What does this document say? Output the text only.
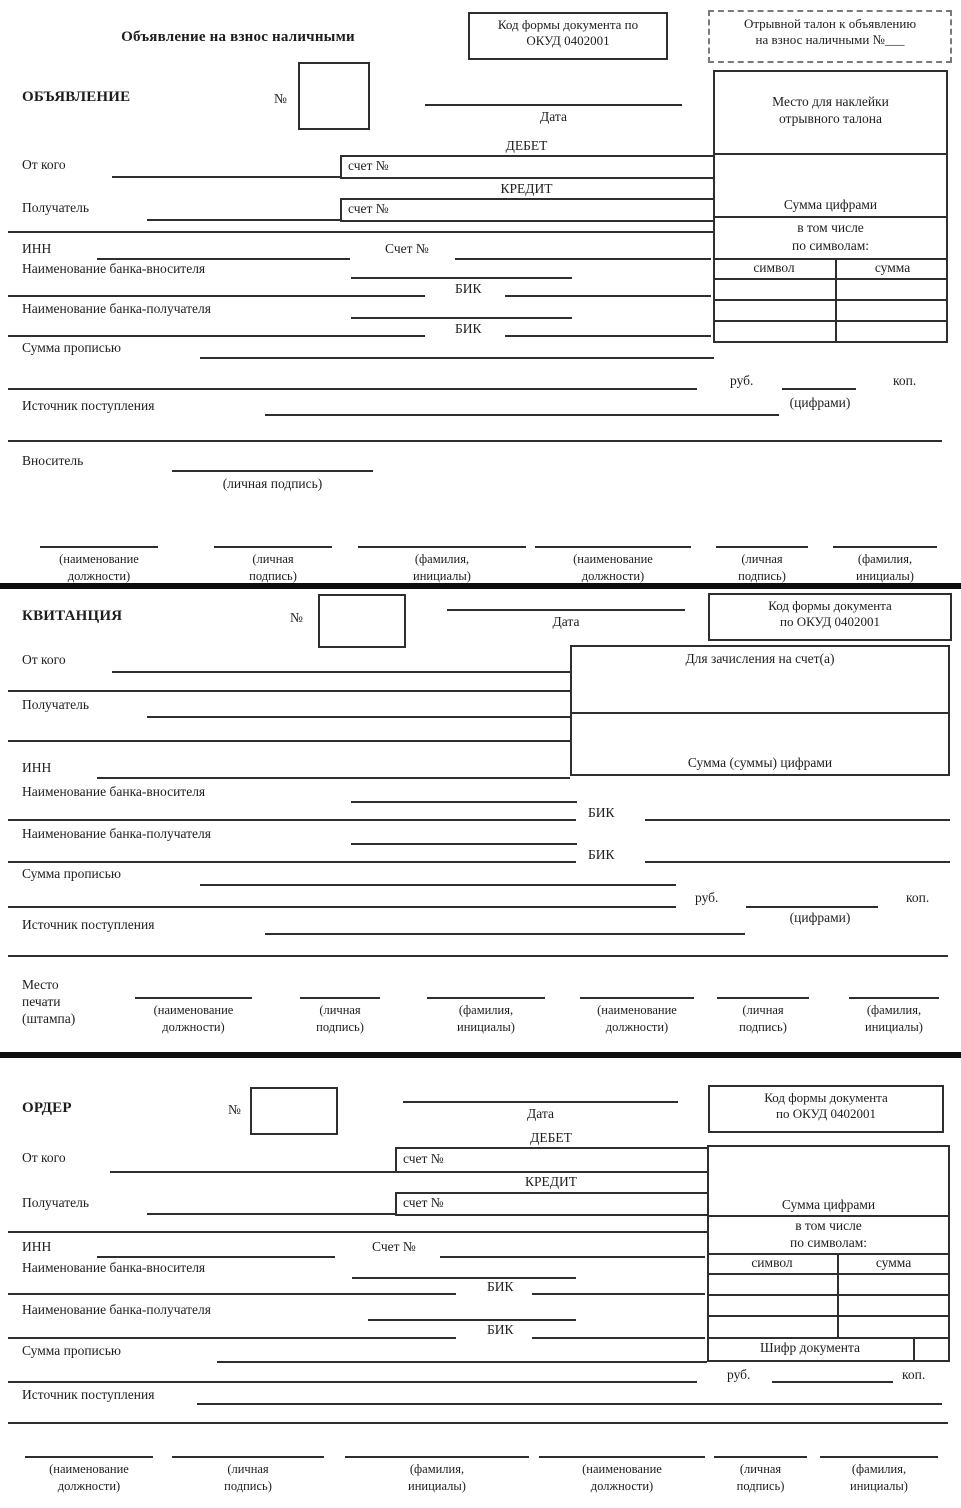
Объявление на взнос наличными
Код формы документа по
ОКУД 0402001
Отрывной талон к объявлению
на взнос наличными №___
ОБЪЯВЛЕНИЕ	№
Дата
Место для наклейки
отрывного талона
ДЕБЕТ
счет №
От кого
КРЕДИТ
счет №
Получатель	Сумма цифрами
в том числе
по символам:
символ	сумма
ИНН	Счет №
Наименование банка-вносителя
БИК
Наименование банка-получателя
БИК
Сумма прописью
руб.	коп.
(цифрами)
Источник поступления
Вноситель
(личная подпись)
(наименование
должности)
(личная
подпись)
(фамилия,
инициалы)
(наименование
должности)
(личная
подпись)
(фамилия,
инициалы)
КВИТАНЦИЯ	№	Дата
Код формы документа
по ОКУД 0402001
От кого	Для зачисления на счет(а)
Сумма (суммы) цифрами
Получатель
ИНН
Наименование банка-вносителя
БИК
Наименование банка-получателя
БИК
Сумма прописью
руб.	коп.
(цифрами)
Источник поступления
Место
печати
(штампа)
(наименование
должности)
(личная
подпись)
(фамилия,
инициалы)
(наименование
должности)
(личная
подпись)
(фамилия,
инициалы)
ОРДЕР	№	Дата
Код формы документа
по ОКУД 0402001
ДЕБЕТ
счет №
От кого
КРЕДИТ
счет №
Получатель	Сумма цифрами
в том числе
по символам:
символ	сумма
Шифр документа
ИНН	Счет №
Наименование банка-вносителя
БИК
Наименование банка-получателя
БИК
Сумма прописью
руб.	коп.
Источник поступления
(наименование
должности)
(личная
подпись)
(фамилия,
инициалы)
(наименование
должности)
(личная
подпись)
(фамилия,
инициалы)
